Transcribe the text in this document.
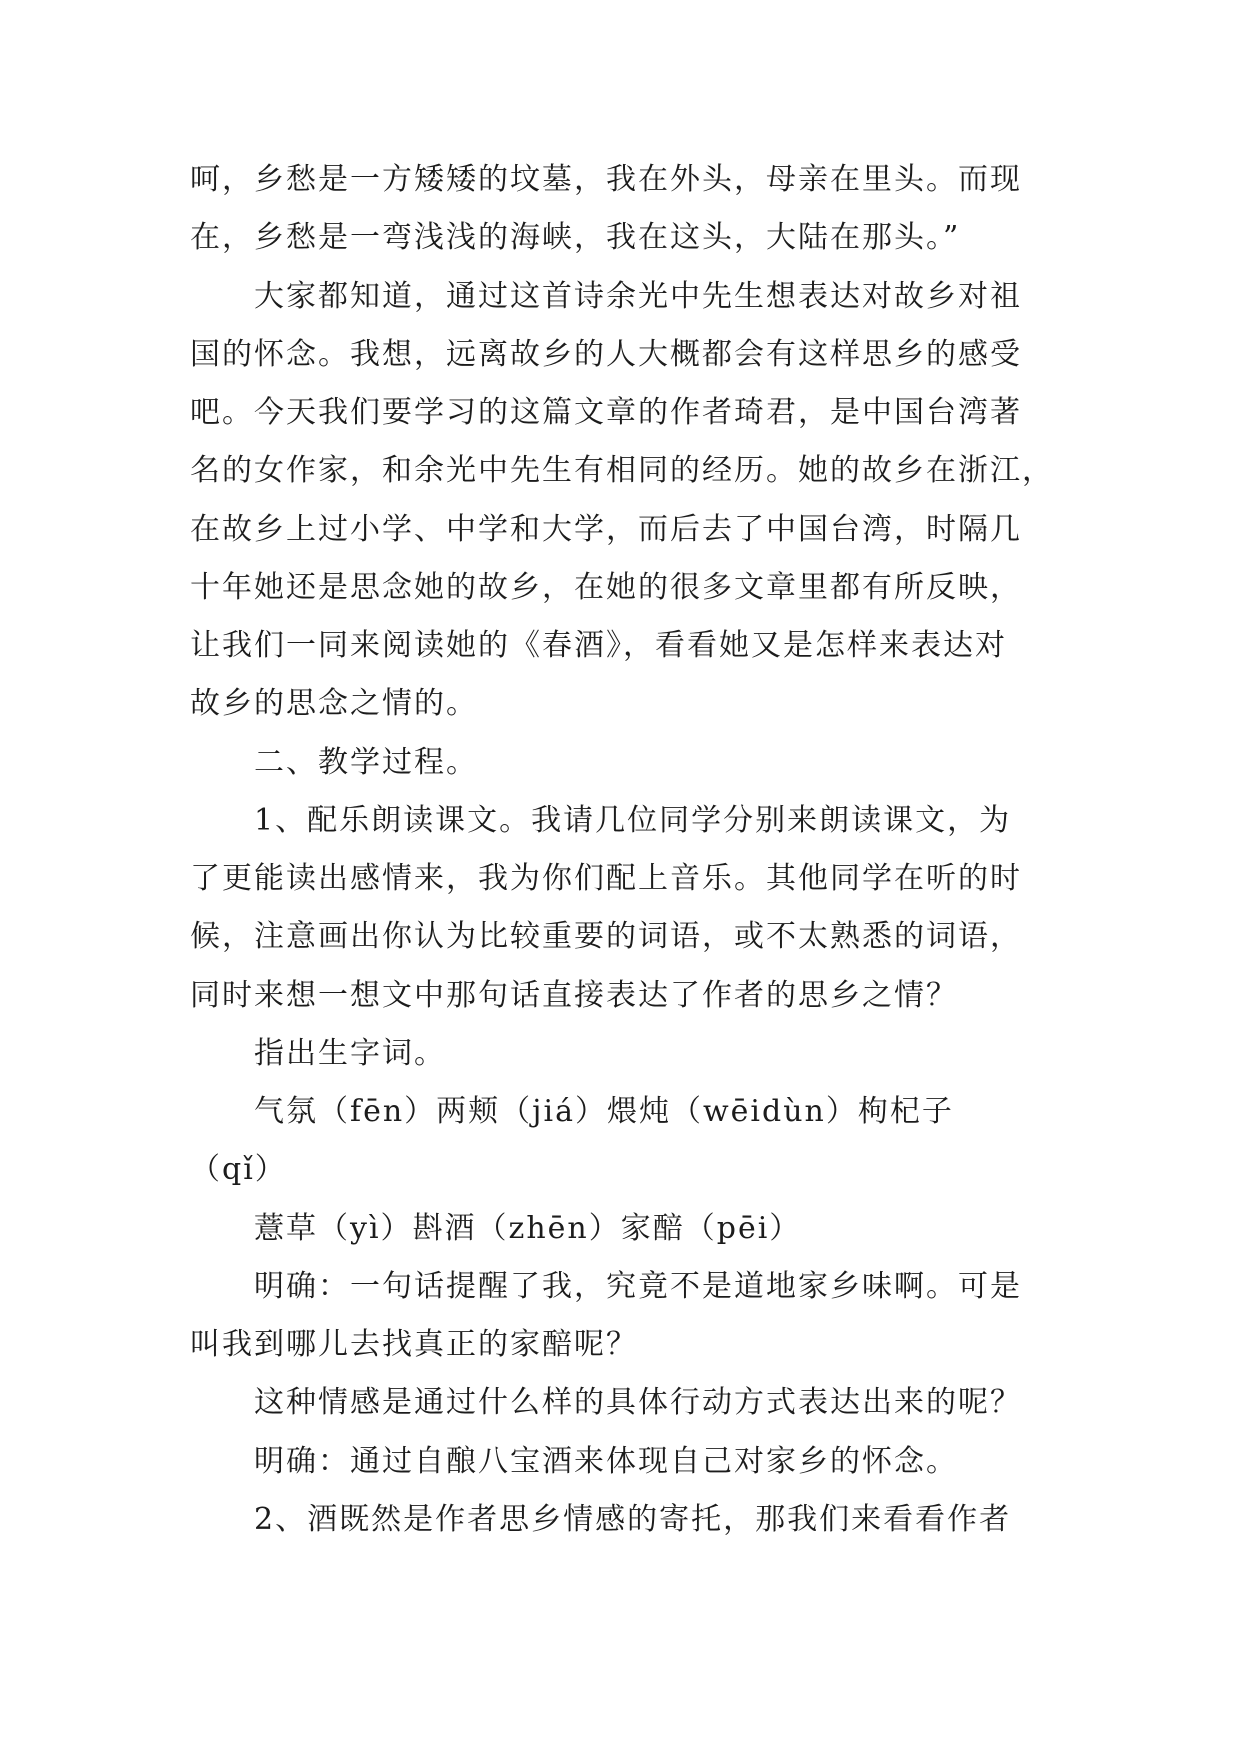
呵，乡愁是一方矮矮的坟墓，我在外头，母亲在里头。而现
在，乡愁是一弯浅浅的海峡，我在这头，大陆在那头。”
大家都知道，通过这首诗余光中先生想表达对故乡对祖
国的怀念。我想，远离故乡的人大概都会有这样思乡的感受
吧。今天我们要学习的这篇文章的作者琦君，是中国台湾著
名的女作家，和余光中先生有相同的经历。她的故乡在浙江，
在故乡上过小学、中学和大学，而后去了中国台湾，时隔几
十年她还是思念她的故乡，在她的很多文章里都有所反映，
让我们一同来阅读她的《春酒》，看看她又是怎样来表达对
故乡的思念之情的。
二、教学过程。
1、配乐朗读课文。我请几位同学分别来朗读课文，为
了更能读出感情来，我为你们配上音乐。其他同学在听的时
候，注意画出你认为比较重要的词语，或不太熟悉的词语，
同时来想一想文中那句话直接表达了作者的思乡之情？
指出生字词。
气氛（fēn）两颊（jiá）煨炖（wēidùn）枸杞子
（qǐ）
薏草（yì）斟酒（zhēn）家醅（pēi）
明确：一句话提醒了我，究竟不是道地家乡味啊。可是
叫我到哪儿去找真正的家醅呢？
这种情感是通过什么样的具体行动方式表达出来的呢？
明确：通过自酿八宝酒来体现自己对家乡的怀念。
2、酒既然是作者思乡情感的寄托，那我们来看看作者
